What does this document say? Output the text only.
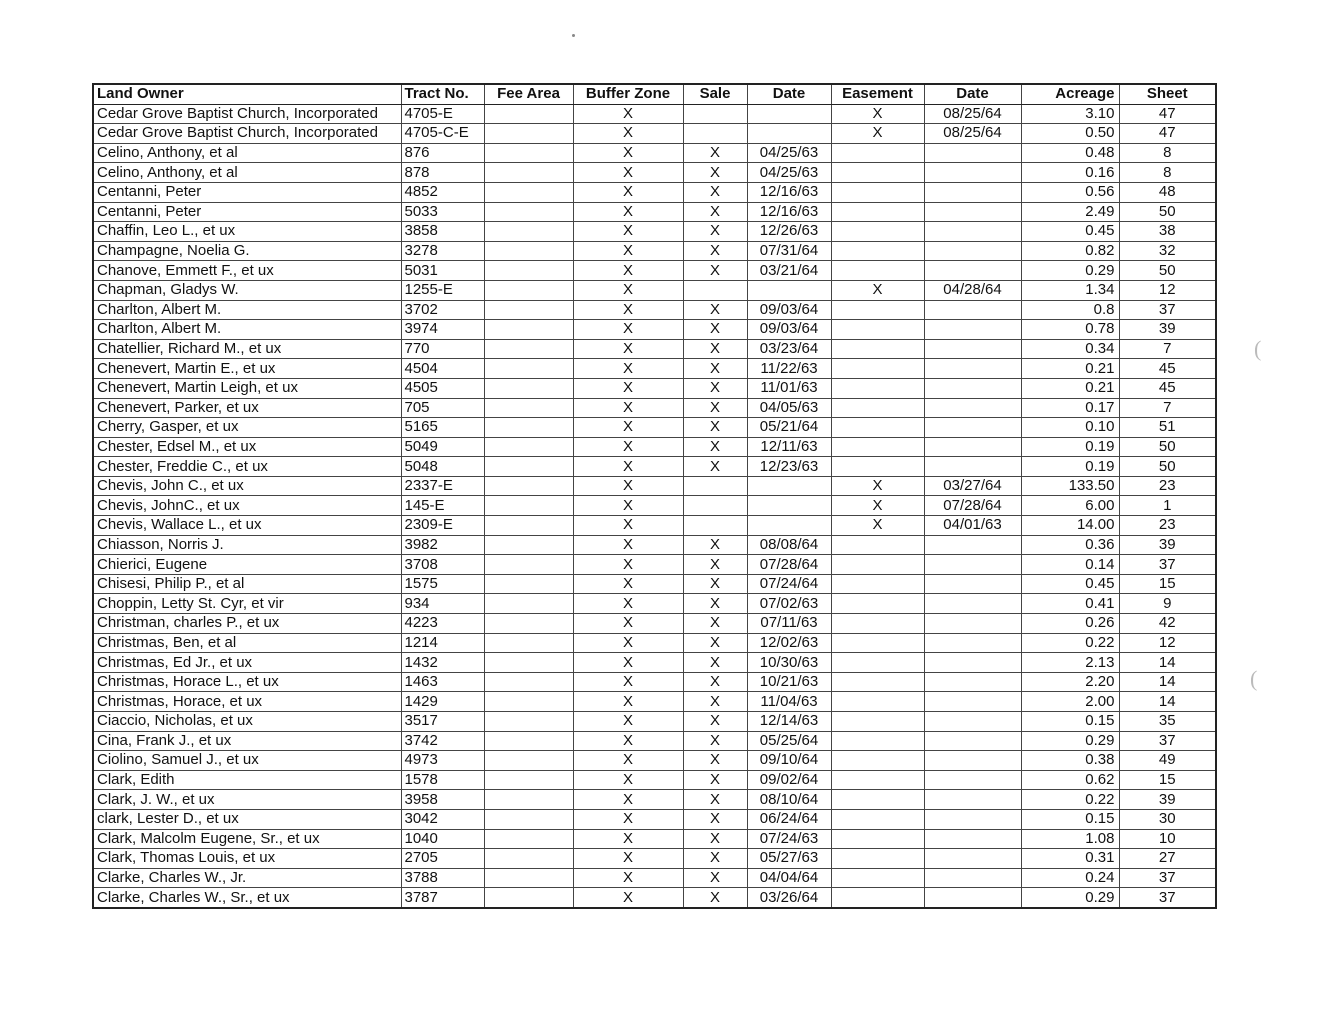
(
(
Land Owner	Tract No.	Fee Area	Buffer Zone	Sale	Date	Easement	Date	Acreage	Sheet
Cedar Grove Baptist Church, Incorporated	4705-E		X			X	08/25/64	3.10	47
Cedar Grove Baptist Church, Incorporated	4705-C-E		X			X	08/25/64	0.50	47
Celino, Anthony, et al	876		X	X	04/25/63			0.48	8
Celino, Anthony, et al	878		X	X	04/25/63			0.16	8
Centanni, Peter	4852		X	X	12/16/63			0.56	48
Centanni, Peter	5033		X	X	12/16/63			2.49	50
Chaffin, Leo L., et ux	3858		X	X	12/26/63			0.45	38
Champagne, Noelia G.	3278		X	X	07/31/64			0.82	32
Chanove, Emmett F., et ux	5031		X	X	03/21/64			0.29	50
Chapman, Gladys W.	1255-E		X			X	04/28/64	1.34	12
Charlton, Albert M.	3702		X	X	09/03/64			0.8	37
Charlton, Albert M.	3974		X	X	09/03/64			0.78	39
Chatellier, Richard M., et ux	770		X	X	03/23/64			0.34	7
Chenevert, Martin E., et ux	4504		X	X	11/22/63			0.21	45
Chenevert, Martin Leigh, et ux	4505		X	X	11/01/63			0.21	45
Chenevert, Parker, et ux	705		X	X	04/05/63			0.17	7
Cherry, Gasper, et ux	5165		X	X	05/21/64			0.10	51
Chester, Edsel M., et ux	5049		X	X	12/11/63			0.19	50
Chester, Freddie C., et ux	5048		X	X	12/23/63			0.19	50
Chevis, John C., et ux	2337-E		X			X	03/27/64	133.50	23
Chevis, JohnC., et ux	145-E		X			X	07/28/64	6.00	1
Chevis, Wallace L., et ux	2309-E		X			X	04/01/63	14.00	23
Chiasson, Norris J.	3982		X	X	08/08/64			0.36	39
Chierici, Eugene	3708		X	X	07/28/64			0.14	37
Chisesi, Philip P., et al	1575		X	X	07/24/64			0.45	15
Choppin, Letty St. Cyr, et vir	934		X	X	07/02/63			0.41	9
Christman, charles P., et ux	4223		X	X	07/11/63			0.26	42
Christmas, Ben, et al	1214		X	X	12/02/63			0.22	12
Christmas, Ed Jr., et ux	1432		X	X	10/30/63			2.13	14
Christmas, Horace L., et ux	1463		X	X	10/21/63			2.20	14
Christmas, Horace, et ux	1429		X	X	11/04/63			2.00	14
Ciaccio, Nicholas, et ux	3517		X	X	12/14/63			0.15	35
Cina, Frank J., et ux	3742		X	X	05/25/64			0.29	37
Ciolino, Samuel J., et ux	4973		X	X	09/10/64			0.38	49
Clark, Edith	1578		X	X	09/02/64			0.62	15
Clark, J. W., et ux	3958		X	X	08/10/64			0.22	39
clark, Lester D., et ux	3042		X	X	06/24/64			0.15	30
Clark, Malcolm Eugene, Sr., et ux	1040		X	X	07/24/63			1.08	10
Clark, Thomas Louis, et ux	2705		X	X	05/27/63			0.31	27
Clarke, Charles W., Jr.	3788		X	X	04/04/64			0.24	37
Clarke, Charles W., Sr., et ux	3787		X	X	03/26/64			0.29	37
